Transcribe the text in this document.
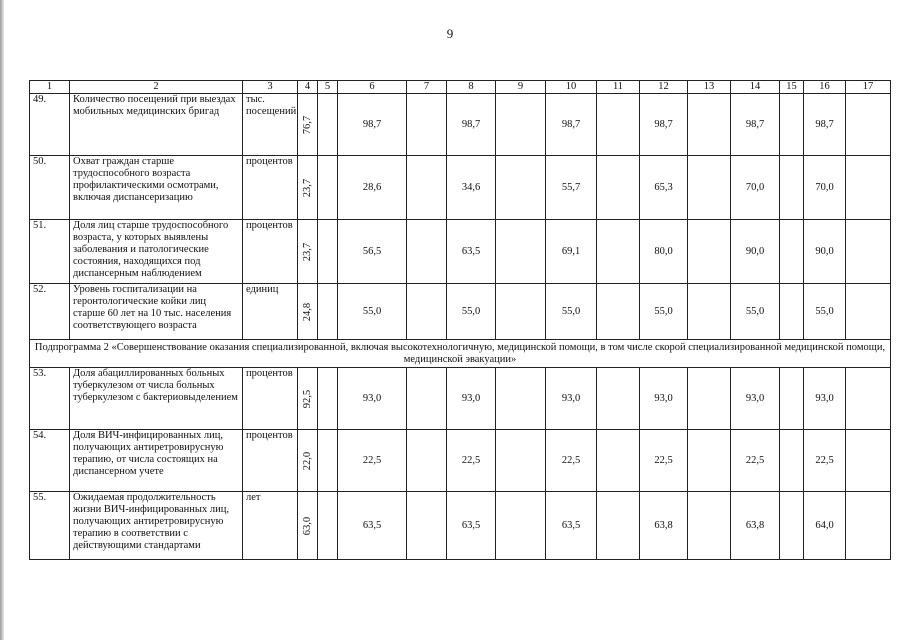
9
1	2	3	4	5	6	7	8	9	10	11	12	13	14	15	16	17
49.	Количество посещений при выездах мобильных медицинских бригад	тыс. посещений	76,7		98,7		98,7		98,7		98,7		98,7		98,7	
50.	Охват граждан старше трудоспособного возраста профилактическими осмотрами, включая диспансеризацию	процентов	23,7		28,6		34,6		55,7		65,3		70,0		70,0	
51.	Доля лиц старше трудоспособного возраста, у которых выявлены заболевания и патологические состояния, находящихся под диспансерным наблюдением	процентов	23,7		56,5		63,5		69,1		80,0		90,0		90,0	
52.	Уровень госпитализации на геронтологические койки лиц старше 60 лет на 10 тыс. населения соответствующего возраста	единиц	24,8		55,0		55,0		55,0		55,0		55,0		55,0	
Подпрограмма 2 «Совершенствование оказания специализированной, включая высокотехнологичную, медицинской помощи, в том числе скорой специализированной медицинской помощи, медицинской эвакуации»																
53.	Доля абациллированных больных туберкулезом от числа больных туберкулезом с бактериовыделением	процентов	92,5		93,0		93,0		93,0		93,0		93,0		93,0	
54.	Доля ВИЧ-инфицированных лиц, получающих антиретровирусную терапию, от числа состоящих на диспансерном учете	процентов	22,0		22,5		22,5		22,5		22,5		22,5		22,5	
55.	Ожидаемая продолжительность жизни ВИЧ-инфицированных лиц, получающих антиретровирусную терапию в соответствии с действующими стандартами	лет	63,0		63,5		63,5		63,5		63,8		63,8		64,0	
